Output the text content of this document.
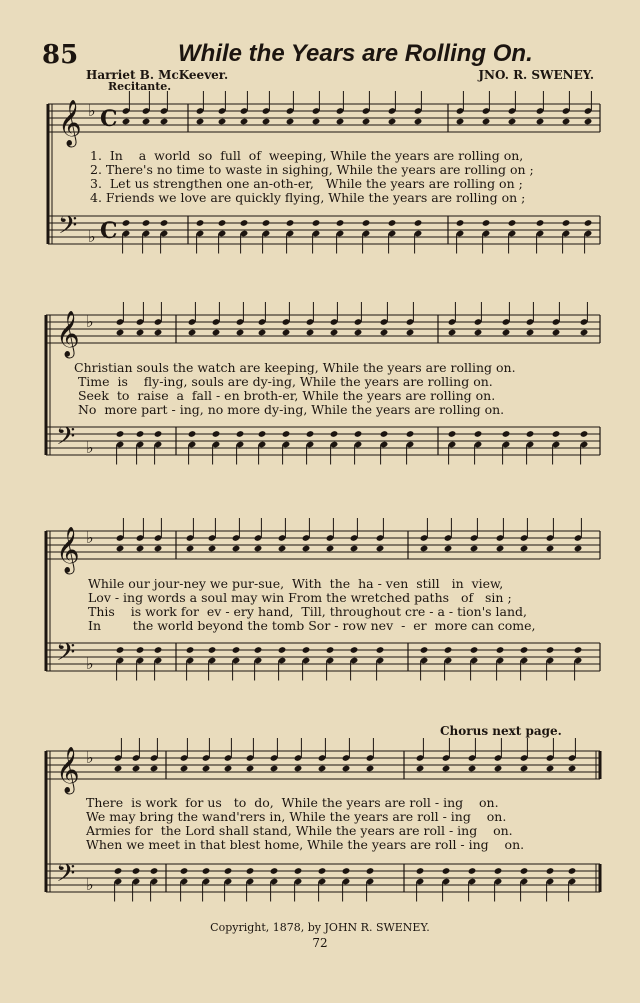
85	While the Years are Rolling On.
Harriet B. McKeever.	JNO. R. SWENEY.
Recitante.
𝄞
𝄢
♭
♭
C
C
𝄞
𝄢
♭
♭
𝄞
𝄢
♭
♭
𝄞
𝄢
♭
♭
1.  In    a  world  so  full  of  weeping, While the years are rolling on,
2. There's no time to waste in sighing, While the years are rolling on ;
3.  Let us strengthen one an-oth-er,   While the years are rolling on ;
4. Friends we love are quickly flying, While the years are rolling on ;
Christian souls the watch are keeping, While the years are rolling on.
Time  is    fly-ing, souls are dy-ing, While the years are rolling on.
Seek  to  raise  a  fall - en broth-er, While the years are rolling on.
No  more part - ing, no more dy-ing, While the years are rolling on.
While our jour-ney we pur-sue,  With  the  ha - ven  still   in  view,
Lov - ing words a soul may win From the wretched paths   of   sin ;
This    is work for  ev - ery hand,  Till, throughout cre - a - tion's land,
In        the world beyond the tomb Sor - row nev  -  er  more can come,
Chorus next page.
There  is work  for us   to  do,  While the years are roll - ing    on.
We may bring the wand'rers in, While the years are roll - ing    on.
Armies for  the Lord shall stand, While the years are roll - ing    on.
When we meet in that blest home, While the years are roll - ing    on.
Copyright, 1878, by JOHN R. SWENEY.
72
